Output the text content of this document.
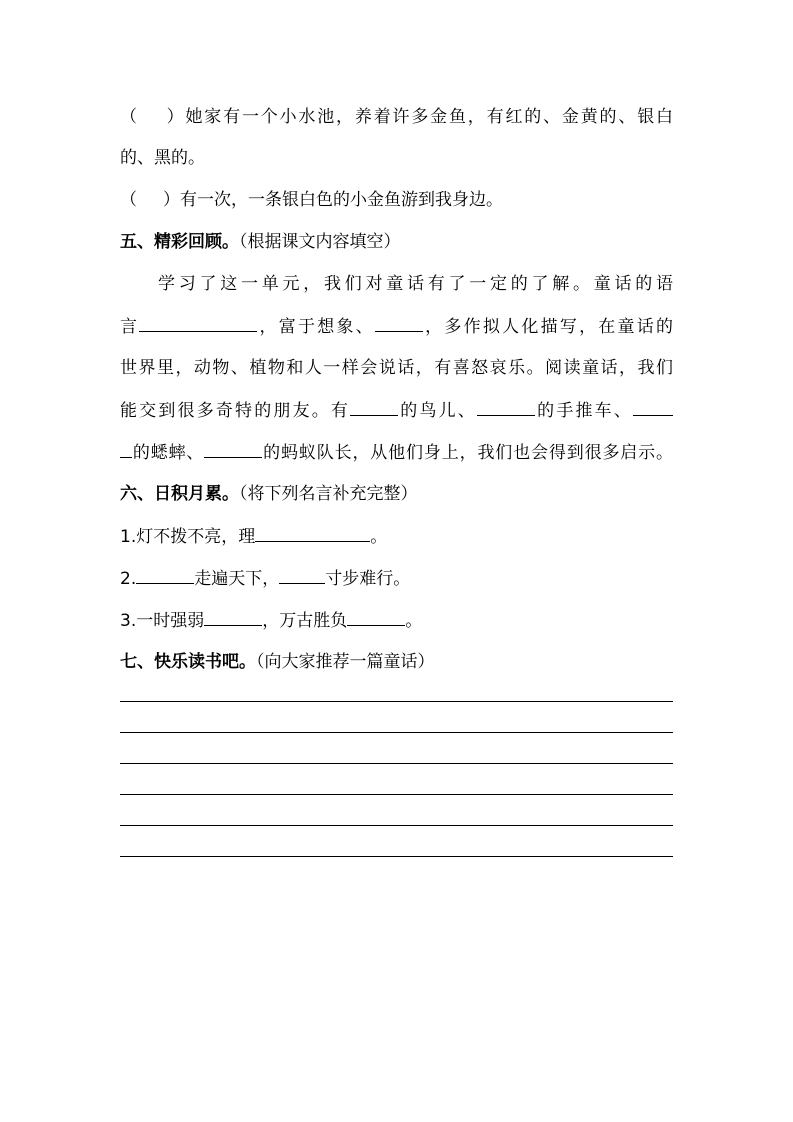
（ ）她家有一个小水池，养着许多金鱼，有红的、金黄的、银白
的、黑的。
（ ）有一次，一条银白色的小金鱼游到我身边。
五、精彩回顾。（根据课文内容填空）
学习了这一单元，我们对童话有了一定的了解。童话的语
言	，富于想象、	，多作拟人化描写，在童话的
世界里，动物、植物和人一样会说话，有喜怒哀乐。阅读童话，我们
能交到很多奇特的朋友。有	的鸟儿、	的手推车、
的蟋蟀、	的蚂蚁队长，从他们身上，我们也会得到很多启示。
六、日积月累。（将下列名言补充完整）
1.灯不拨不亮，理	。
2.	走遍天下，	寸步难行。
3.一时强弱	，万古胜负	。
七、快乐读书吧。（向大家推荐一篇童话）
